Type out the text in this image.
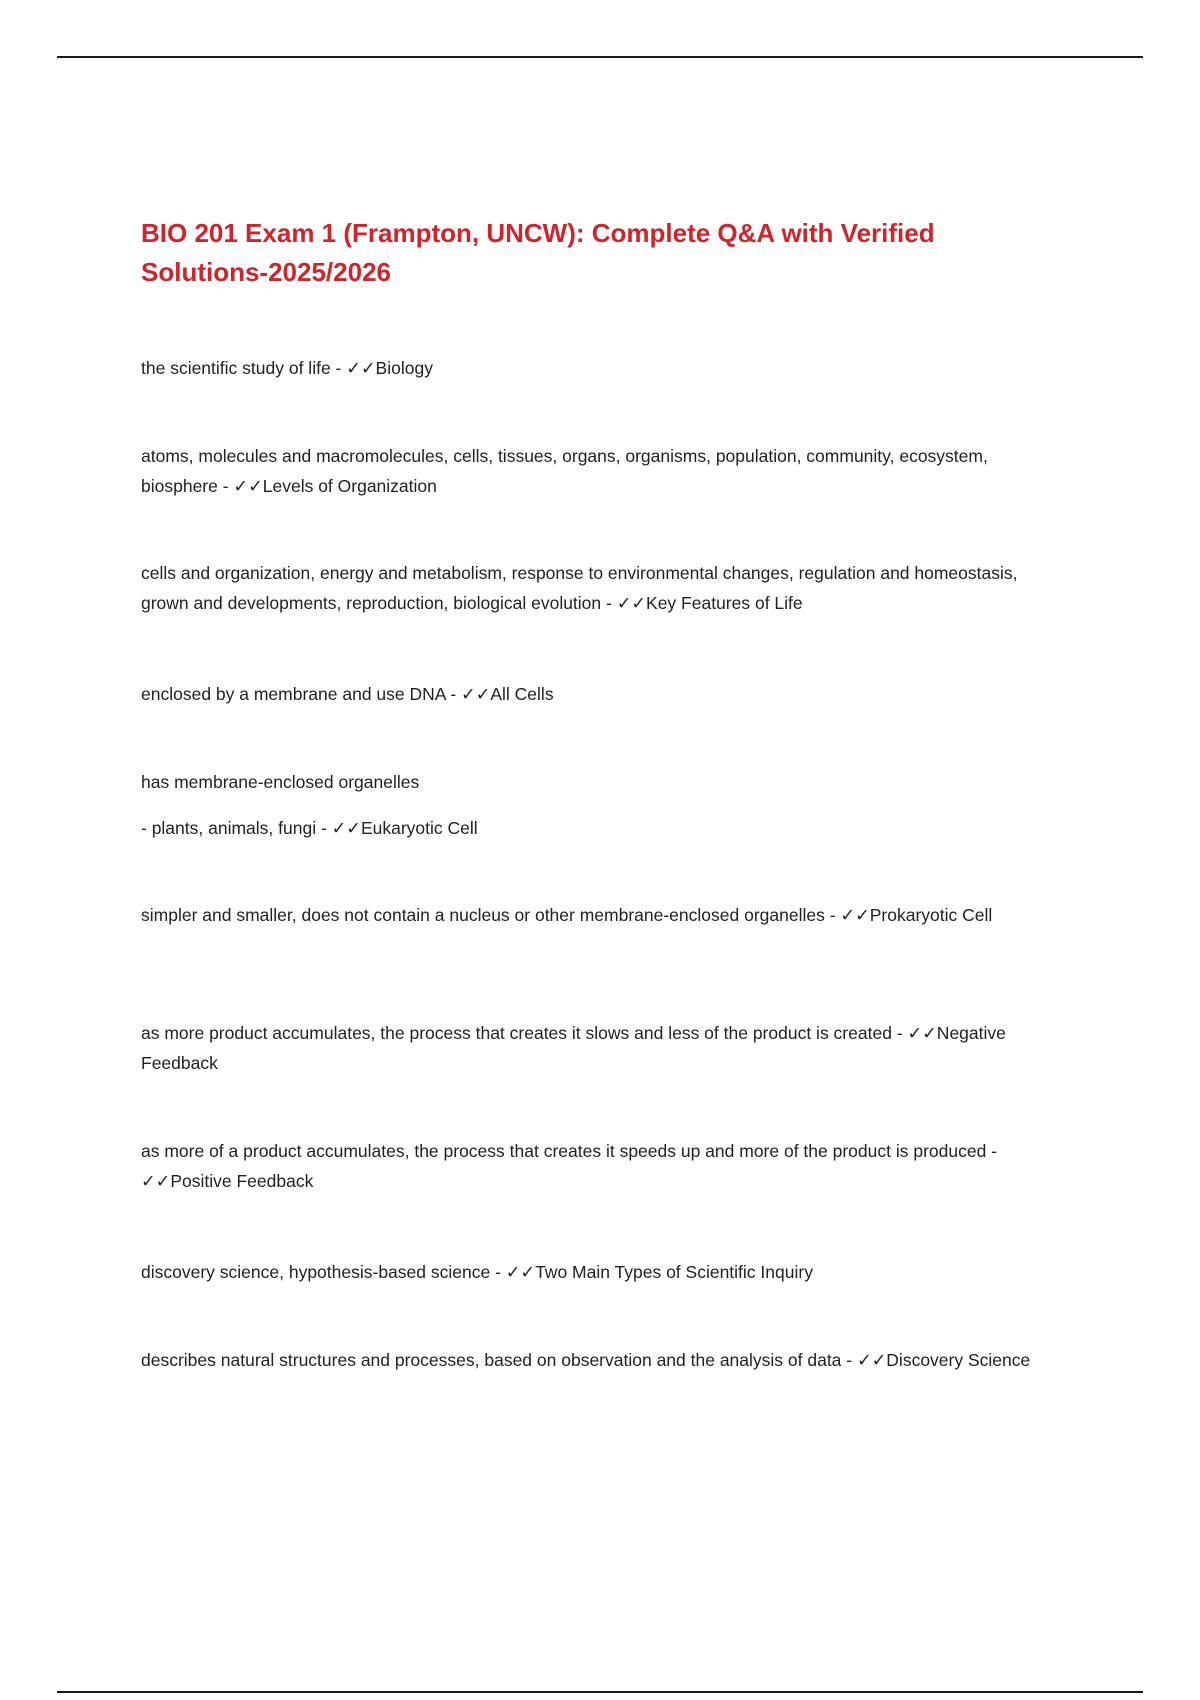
BIO 201 Exam 1 (Frampton, UNCW): Complete Q&A with Verified Solutions-2025/2026

the scientific study of life - ✓✓Biology

atoms, molecules and macromolecules, cells, tissues, organs, organisms, population, community, ecosystem, biosphere - ✓✓Levels of Organization

cells and organization, energy and metabolism, response to environmental changes, regulation and homeostasis, grown and developments, reproduction, biological evolution - ✓✓Key Features of Life

enclosed by a membrane and use DNA - ✓✓All Cells

has membrane-enclosed organelles

- plants, animals, fungi - ✓✓Eukaryotic Cell

simpler and smaller, does not contain a nucleus or other membrane-enclosed organelles - ✓✓Prokaryotic Cell

as more product accumulates, the process that creates it slows and less of the product is created - ✓✓Negative Feedback

as more of a product accumulates, the process that creates it speeds up and more of the product is produced - ✓✓Positive Feedback

discovery science, hypothesis-based science - ✓✓Two Main Types of Scientific Inquiry

describes natural structures and processes, based on observation and the analysis of data - ✓✓Discovery Science
